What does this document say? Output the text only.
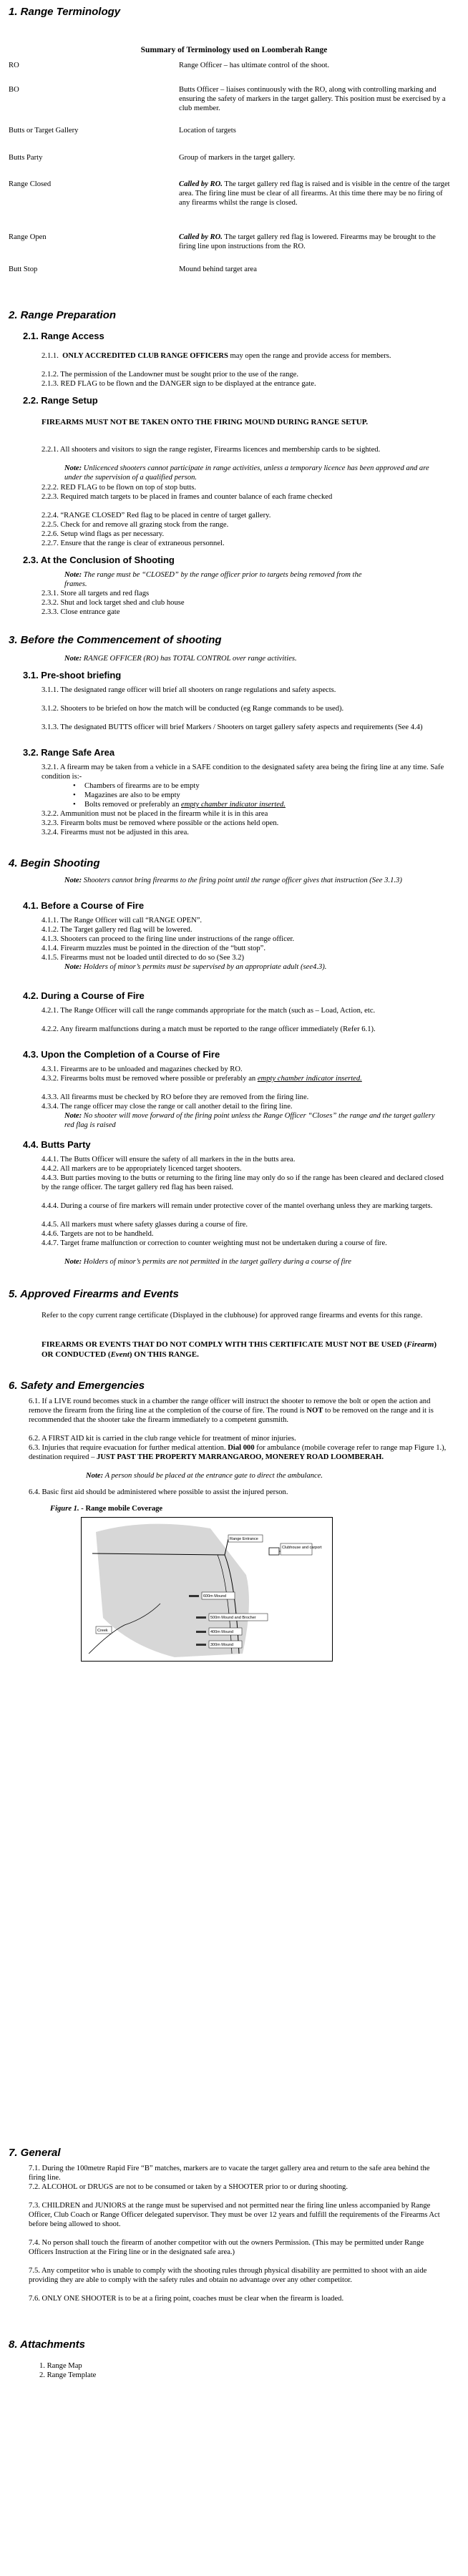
1. Range Terminology
Summary of Terminology used on Loomberah Range
RO	Range Officer – has ultimate control of the shoot.
BO	Butts Officer – liaises continuously with the RO, along with controlling marking and ensuring the safety of markers in the target gallery. This position must be exercised by a club member.
Butts or Target Gallery	Location of targets
Butts Party	Group of markers in the target gallery.
Range Closed	Called by RO. The target gallery red flag is raised and is visible in the centre of the target area. The firing line must be clear of all firearms. At this time there may be no firing of any firearms whilst the range is closed.
Range Open	Called by RO. The target gallery red flag is lowered. Firearms may be brought to the firing line upon instructions from the RO.
Butt Stop	Mound behind target area
2. Range Preparation
2.1. Range Access
2.1.1. ONLY ACCREDITED CLUB RANGE OFFICERS may open the range and provide access for members.
2.1.2. The permission of the Landowner must be sought prior to the use of the range.
2.1.3. RED FLAG to be flown and the DANGER sign to be displayed at the entrance gate.
2.2. Range Setup
FIREARMS MUST NOT BE TAKEN ONTO THE FIRING MOUND DURING RANGE SETUP.
2.2.1. All shooters and visitors to sign the range register, Firearms licences and membership cards to be sighted.
Note: Unlicenced shooters cannot participate in range activities, unless a temporary licence has been approved and are under the supervision of a qualified person.
2.2.2. RED FLAG to be flown on top of stop butts.
2.2.3. Required match targets to be placed in frames and counter balance of each frame checked
2.2.4. “RANGE CLOSED” Red flag to be placed in centre of target gallery.
2.2.5. Check for and remove all grazing stock from the range.
2.2.6. Setup wind flags as per necessary.
2.2.7. Ensure that the range is clear of extraneous personnel.
2.3. At the Conclusion of Shooting
Note: The range must be “CLOSED” by the range officer prior to targets being removed from the frames.
2.3.1. Store all targets and red flags
2.3.2. Shut and lock target shed and club house
2.3.3. Close entrance gate
3. Before the Commencement of shooting
Note: RANGE OFFICER (RO) has TOTAL CONTROL over range activities.
3.1. Pre-shoot briefing
3.1.1. The designated range officer will brief all shooters on range regulations and safety aspects.
3.1.2. Shooters to be briefed on how the match will be conducted (eg Range commands to be used).
3.1.3. The designated BUTTS officer will brief Markers / Shooters on target gallery safety aspects and requirements (See 4.4)
3.2. Range Safe Area
3.2.1. A firearm may be taken from a vehicle in a SAFE condition to the designated safety area being the firing line at any time. Safe condition is:-
• Chambers of firearms are to be empty
• Magazines are also to be empty
• Bolts removed or preferably an empty chamber indicator inserted.
3.2.2. Ammunition must not be placed in the firearm while it is in this area
3.2.3. Firearm bolts must be removed where possible or the actions held open.
3.2.4. Firearms must not be adjusted in this area.
4. Begin Shooting
Note: Shooters cannot bring firearms to the firing point until the range officer gives that instruction (See 3.1.3)
4.1. Before a Course of Fire
4.1.1. The Range Officer will call “RANGE OPEN”.
4.1.2. The Target gallery red flag will be lowered.
4.1.3. Shooters can proceed to the firing line under instructions of the range officer.
4.1.4. Firearm muzzles must be pointed in the direction of the “butt stop”.
4.1.5. Firearms must not be loaded until directed to do so (See 3.2)
Note: Holders of minor’s permits must be supervised by an appropriate adult (see4.3).
4.2. During a Course of Fire
4.2.1. The Range Officer will call the range commands appropriate for the match (such as – Load, Action, etc.
4.2.2. Any firearm malfunctions during a match must be reported to the range officer immediately (Refer 6.1).
4.3. Upon the Completion of a Course of Fire
4.3.1. Firearms are to be unloaded and magazines checked by RO.
4.3.2. Firearms bolts must be removed where possible or preferably an empty chamber indicator inserted.
4.3.3. All firearms must be checked by RO before they are removed from the firing line.
4.3.4. The range officer may close the range or call another detail to the firing line.
Note: No shooter will move forward of the firing point unless the Range Officer “Closes” the range and the target gallery red flag is raised
4.4. Butts Party
4.4.1. The Butts Officer will ensure the safety of all markers in the in the butts area.
4.4.2. All markers are to be appropriately licenced target shooters.
4.4.3. Butt parties moving to the butts or returning to the firing line may only do so if the range has been cleared and declared closed by the range officer. The target gallery red flag has been raised.
4.4.4. During a course of fire markers will remain under protective cover of the mantel overhang unless they are marking targets.
4.4.5. All markers must where safety glasses during a course of fire.
4.4.6. Targets are not to be handheld.
4.4.7. Target frame malfunction or correction to counter weighting must not be undertaken during a course of fire.
Note: Holders of minor’s permits are not permitted in the target gallery during a course of fire
5. Approved Firearms and Events
Refer to the copy current range certificate (Displayed in the clubhouse) for approved range firearms and events for this range.
FIREARMS OR EVENTS THAT DO NOT COMPLY WITH THIS CERTIFICATE MUST NOT BE USED (Firearm) OR CONDUCTED (Event) ON THIS RANGE.
6. Safety and Emergencies
6.1. If a LIVE round becomes stuck in a chamber the range officer will instruct the shooter to remove the bolt or open the action and remove the firearm from the firing line at the completion of the course of fire. The round is NOT to be removed on the range and it is recommended that the shooter take the firearm immediately to a competent gunsmith.
6.2. A FIRST AID kit is carried in the club range vehicle for treatment of minor injuries.
6.3. Injuries that require evacuation for further medical attention. Dial 000 for ambulance (mobile coverage refer to range map Figure 1.), destination required – JUST PAST THE PROPERTY MARRANGAROO, MONEREY ROAD LOOMBERAH.
Note: A person should be placed at the entrance gate to direct the ambulance.
6.4. Basic first aid should be administered where possible to assist the injured person.
Figure 1. - Range mobile Coverage
Range Entrance
Clubhouse and carport
600m Mound
500m Mound and Brocher
400m Mound
300m Mound
Creek
7. General
7.1. During the 100metre Rapid Fire “B” matches, markers are to vacate the target gallery area and return to the safe area behind the firing line.
7.2. ALCOHOL or DRUGS are not to be consumed or taken by a SHOOTER prior to or during shooting.
7.3. CHILDREN and JUNIORS at the range must be supervised and not permitted near the firing line unless accompanied by Range Officer, Club Coach or Range Officer delegated supervisor. They must be over 12 years and fulfill the requirements of the Firearms Act before being allowed to shoot.
7.4. No person shall touch the firearm of another competitor with out the owners Permission. (This may be permitted under Range Officers Instruction at the Firing line or in the designated safe area.)
7.5. Any competitor who is unable to comply with the shooting rules through physical disability are permitted to shoot with an aide providing they are able to comply with the safety rules and obtain no advantage over any other competitor.
7.6. ONLY ONE SHOOTER is to be at a firing point, coaches must be clear when the firearm is loaded.
8. Attachments
1. Range Map
2. Range Template
